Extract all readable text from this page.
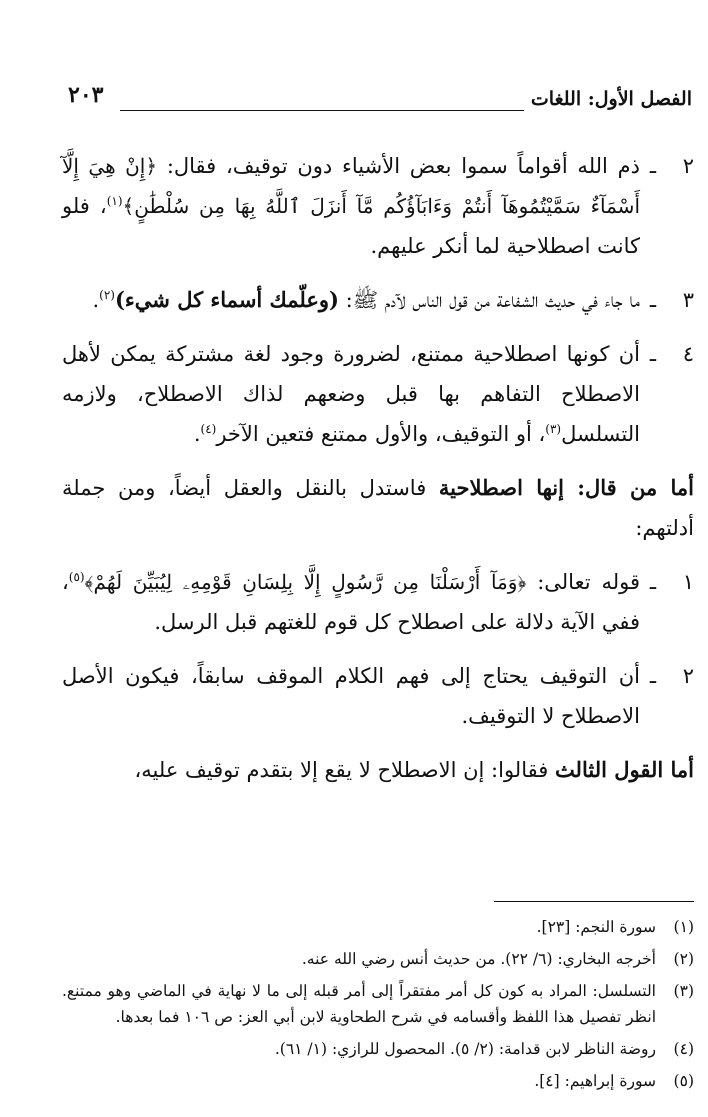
الفصل الأول: اللغات
٢٠٣
٢
ـ
ذم الله أقواماً سموا بعض الأشياء دون توقيف، فقال: ﴿إِنْ هِيَ إِلَّآ أَسْمَآءٌ سَمَّيْتُمُوهَآ أَنتُمْ وَءَابَآؤُكُم مَّآ أَنزَلَ ٱللَّهُ بِهَا مِن سُلْطَٰنٍ﴾$^{(١)}$، فلو كانت اصطلاحية لما أنكر عليهم.
٣
ـ
ما جاء في حديث الشفاعة من قول الناس لآدم ﷺ: (وعلّمك أسماء كل شيء)$^{(٢)}$.
٤
ـ
أن كونها اصطلاحية ممتنع، لضرورة وجود لغة مشتركة يمكن لأهل الاصطلاح التفاهم بها قبل وضعهم لذاك الاصطلاح، ولازمه التسلسل$^{(٣)}$، أو التوقيف، والأول ممتنع فتعين الآخر$^{(٤)}$.
أما من قال: إنها اصطلاحية فاستدل بالنقل والعقل أيضاً، ومن جملة أدلتهم:
١
ـ
قوله تعالى: ﴿وَمَآ أَرْسَلْنَا مِن رَّسُولٍ إِلَّا بِلِسَانِ قَوْمِهِۦ لِيُبَيِّنَ لَهُمْ﴾$^{(٥)}$، ففي الآية دلالة على اصطلاح كل قوم للغتهم قبل الرسل.
٢
ـ
أن التوقيف يحتاج إلى فهم الكلام الموقف سابقاً، فيكون الأصل الاصطلاح لا التوقيف.
أما القول الثالث فقالوا: إن الاصطلاح لا يقع إلا بتقدم توقيف عليه،
(١)
سورة النجم: [٢٣].
(٢)
أخرجه البخاري: (٦/ ٢٢). من حديث أنس رضي الله عنه.
(٣)
التسلسل: المراد به كون كل أمر مفتقراً إلى أمر قبله إلى ما لا نهاية في الماضي وهو ممتنع. انظر تفصيل هذا اللفظ وأقسامه في شرح الطحاوية لابن أبي العز: ص ١٠٦ فما بعدها.
(٤)
روضة الناظر لابن قدامة: (٢/ ٥). المحصول للرازي: (١/ ٦١).
(٥)
سورة إبراهيم: [٤].
